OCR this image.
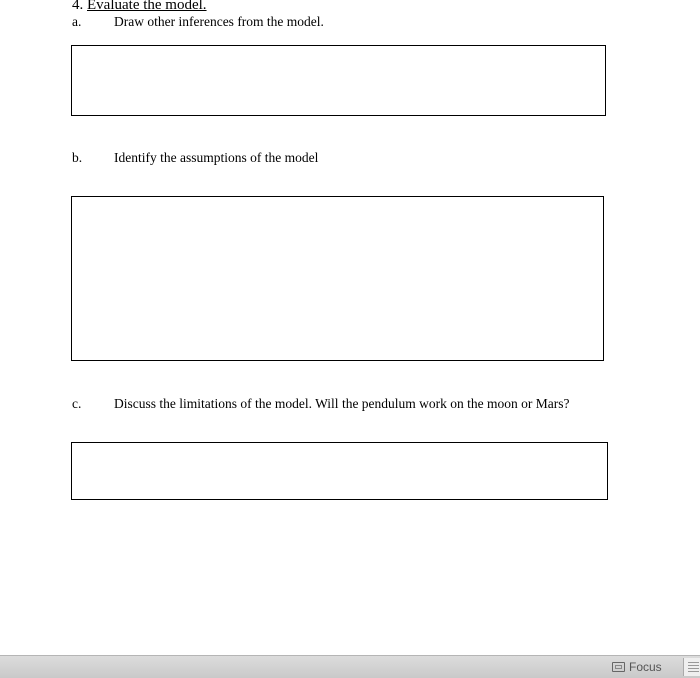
4. Evaluate the model.
a. Draw other inferences from the model.
b. Identify the assumptions of the model
c. Discuss the limitations of the model. Will the pendulum work on the moon or Mars?
Focus
